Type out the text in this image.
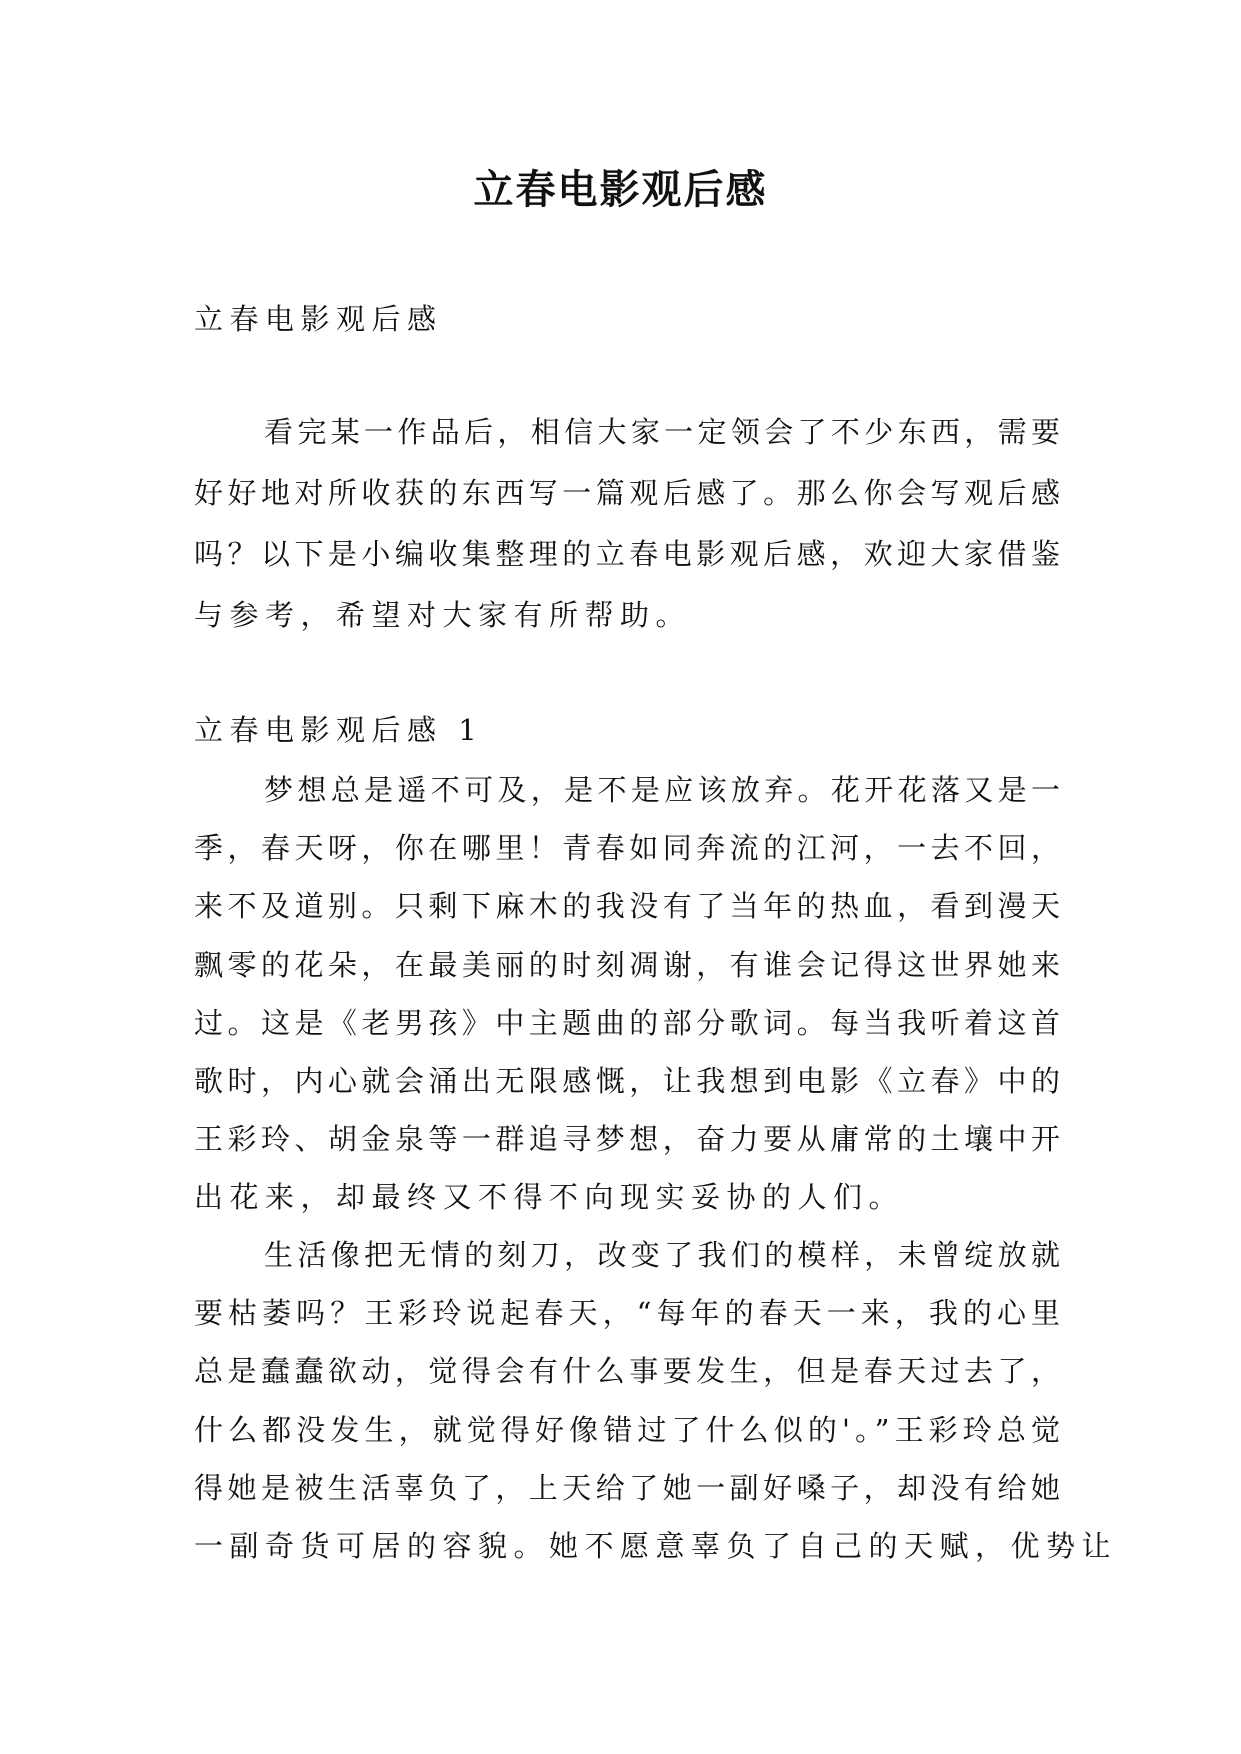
立春电影观后感
立春电影观后感
看完某一作品后，相信大家一定领会了不少东西，需要
好好地对所收获的东西写一篇观后感了。那么你会写观后感
吗？以下是小编收集整理的立春电影观后感，欢迎大家借鉴
与参考，希望对大家有所帮助。
立春电影观后感 1
梦想总是遥不可及，是不是应该放弃。花开花落又是一
季，春天呀，你在哪里！青春如同奔流的江河，一去不回，
来不及道别。只剩下麻木的我没有了当年的热血，看到漫天
飘零的花朵，在最美丽的时刻凋谢，有谁会记得这世界她来
过。这是《老男孩》中主题曲的部分歌词。每当我听着这首
歌时，内心就会涌出无限感慨，让我想到电影《立春》中的
王彩玲、胡金泉等一群追寻梦想，奋力要从庸常的土壤中开
出花来，却最终又不得不向现实妥协的人们。
生活像把无情的刻刀，改变了我们的模样，未曾绽放就
要枯萎吗？王彩玲说起春天，“每年的春天一来，我的心里
总是蠢蠢欲动，觉得会有什么事要发生，但是春天过去了，
什么都没发生，就觉得好像错过了什么似的'。”王彩玲总觉
得她是被生活辜负了，上天给了她一副好嗓子，却没有给她
一副奇货可居的容貌。她不愿意辜负了自己的天赋，优势让
